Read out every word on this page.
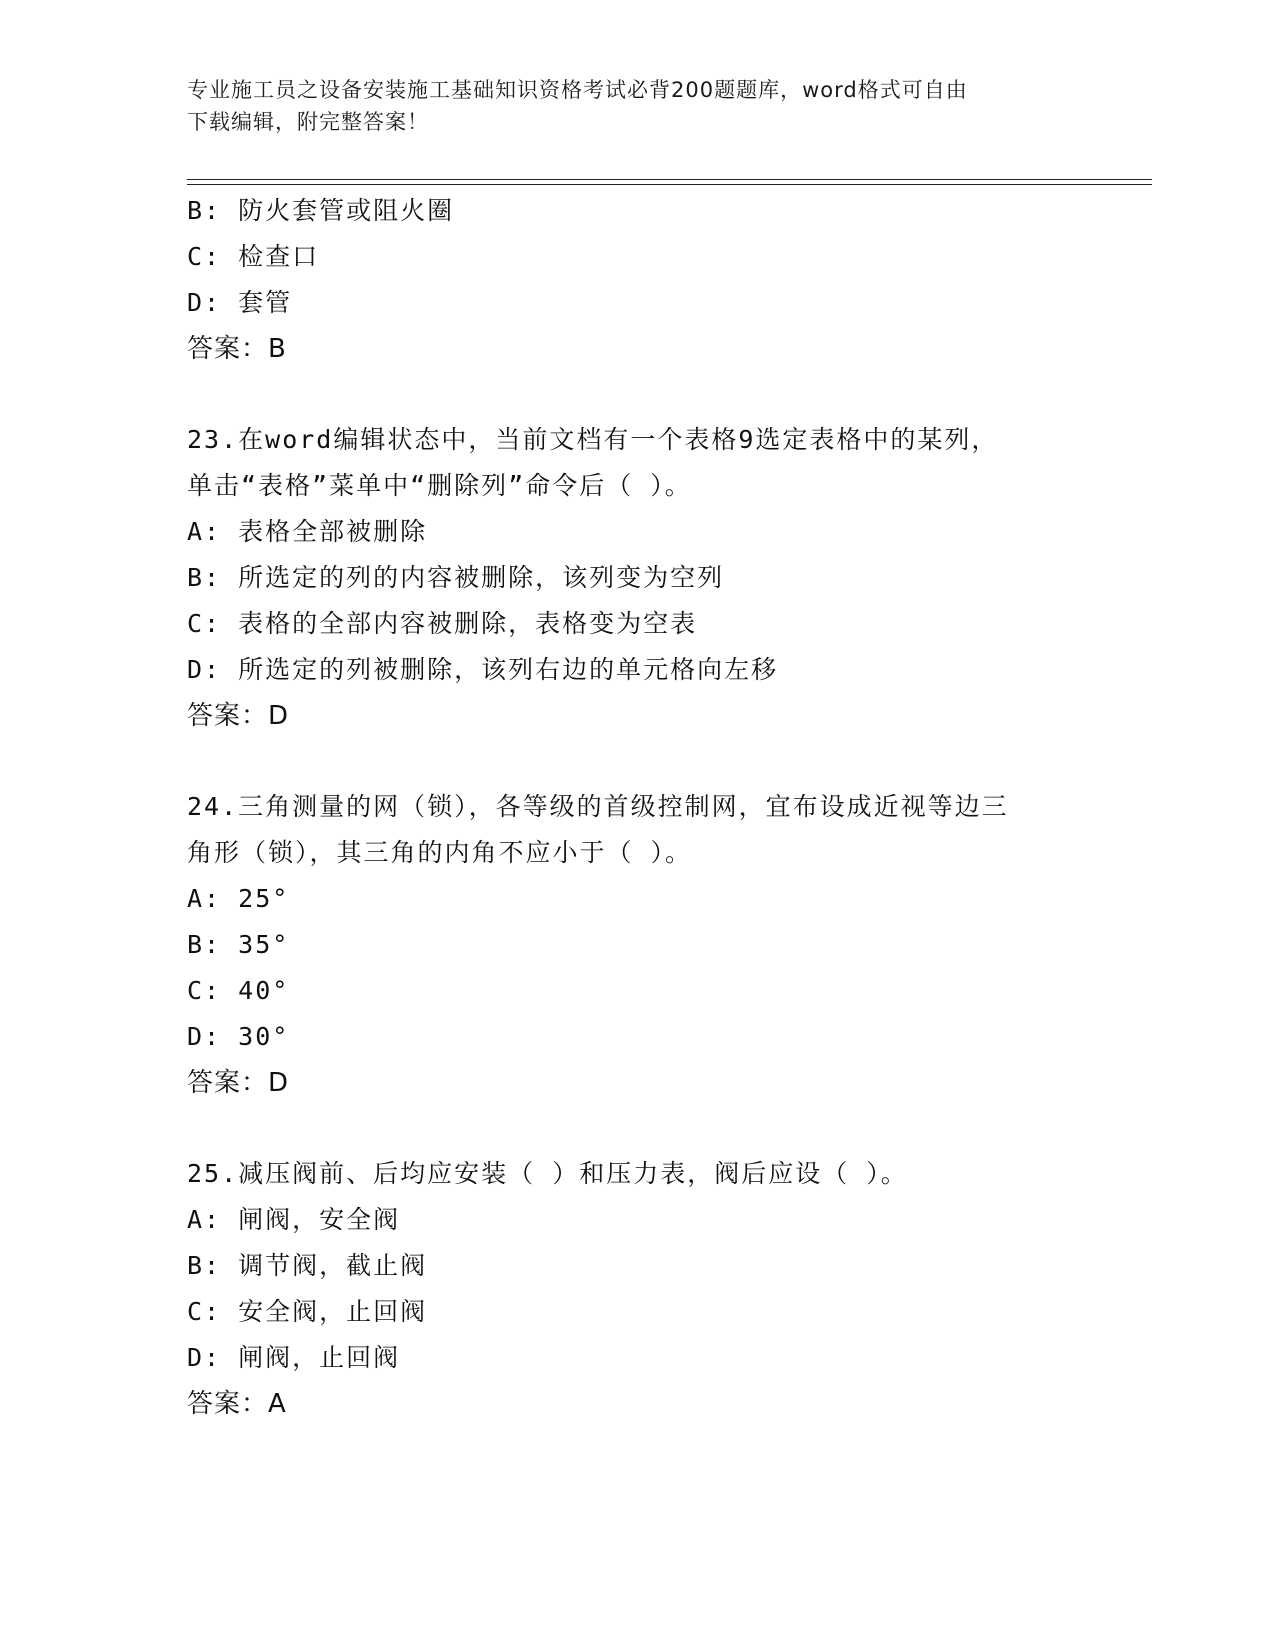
专业施工员之设备安装施工基础知识资格考试必背200题题库，word格式可自由
下载编辑，附完整答案！
B: 防火套管或阻火圈
C: 检查口
D: 套管
答案：B
23.在word编辑状态中，当前文档有一个表格9选定表格中的某列，
单击“表格”菜单中“删除列”命令后（ ）。
A: 表格全部被删除
B: 所选定的列的内容被删除，该列变为空列
C: 表格的全部内容被删除，表格变为空表
D: 所选定的列被删除，该列右边的单元格向左移
答案：D
24.三角测量的网（锁），各等级的首级控制网，宜布设成近视等边三
角形（锁），其三角的内角不应小于（ ）。
A: 25°
B: 35°
C: 40°
D: 30°
答案：D
25.减压阀前、后均应安装（ ）和压力表，阀后应设（ ）。
A: 闸阀，安全阀
B: 调节阀，截止阀
C: 安全阀，止回阀
D: 闸阀，止回阀
答案：A
